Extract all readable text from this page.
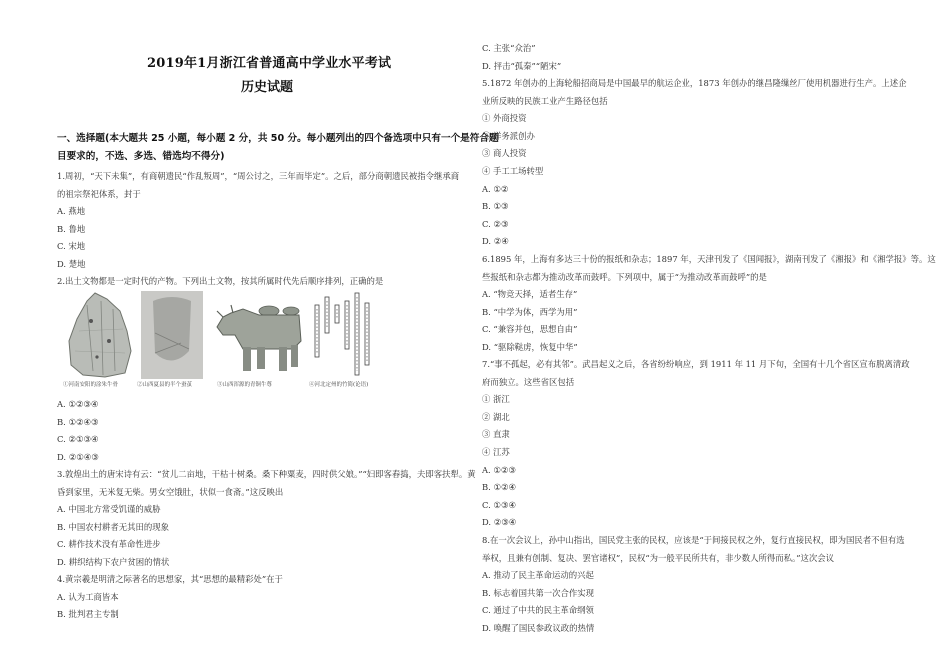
2019年1月浙江省普通高中学业水平考试
历史试题
一、选择题(本大题共 25 小题，每小题 2 分，共 50 分。每小题列出的四个备选项中只有一个是符合题
目要求的，不选、多选、错选均不得分)
1.周初，“天下未集”，有商朝遗民“作乱叛周”，“周公讨之，三年而毕定”。之后，部分商朝遗民被指令继承商
的祖宗祭祀体系，封于
A. 燕地
B. 鲁地
C. 宋地
D. 楚地
2.出土文物都是一定时代的产物。下列出土文物，按其所属时代先后顺序排列，正确的是
①河南安阳的涂朱牛骨	②山西夏县的半个蚕茧	③山西浑源的青铜牛尊	④河北定州的竹简(论语)
A. ①②③④
B. ①②④③
C. ②①③④
D. ②①④③
3.敦煌出土的唐宋诗有云：“贫儿二亩地，干枯十树桑。桑下种粟麦，四时供父娘。”“妇即客舂捣，夫即客扶犁。黄
昏到家里，无米复无柴。男女空饿肚，状似一食斋。”这反映出
A. 中国北方常受饥谨的威胁
B. 中国农村耕者无其田的现象
C. 耕作技术没有革命性进步
D. 耕织结构下农户贫困的情状
4.黄宗羲是明清之际著名的思想家，其“思想的最精彩处”在于
A. 认为工商皆本
B. 批判君主专制
C. 主张“众治”
D. 抨击“孤秦”“陋宋”
5.1872 年创办的上海轮船招商局是中国最早的航运企业，1873 年创办的继昌隆缫丝厂使用机器进行生产。上述企
业所反映的民族工业产生路径包括
① 外商投资
② 洋务派创办
③ 商人投资
④ 手工工场转型
A. ①②
B. ①③
C. ②③
D. ②④
6.1895 年，上海有多达三十份的报纸和杂志；1897 年，天津刊发了《国闻报》，湖南刊发了《湘报》和《湘学报》等。这
些报纸和杂志都为推动改革而鼓呼。下列项中，属于“为推动改革而鼓呼”的是
A. “物竞天择，适者生存”
B. “中学为体，西学为用”
C. “兼容并包，思想自由”
D. “驱除鞑虏，恢复中华”
7.“事不孤起，必有其邻”。武昌起义之后，各省纷纷响应，到 1911 年 11 月下旬，全国有十几个省区宣布脱离清政
府而独立。这些省区包括
① 浙江
② 湖北
③ 直隶
④ 江苏
A. ①②③
B. ①②④
C. ①③④
D. ②③④
8.在一次会议上，孙中山指出，国民党主张的民权，应该是“于间接民权之外，复行直接民权，即为国民者不但有选
举权，且兼有创制、复决、罢官诸权”，民权“为一般平民所共有，非少数人所得而私。”这次会议
A. 推动了民主革命运动的兴起
B. 标志着国共第一次合作实现
C. 通过了中共的民主革命纲领
D. 唤醒了国民参政议政的热情
